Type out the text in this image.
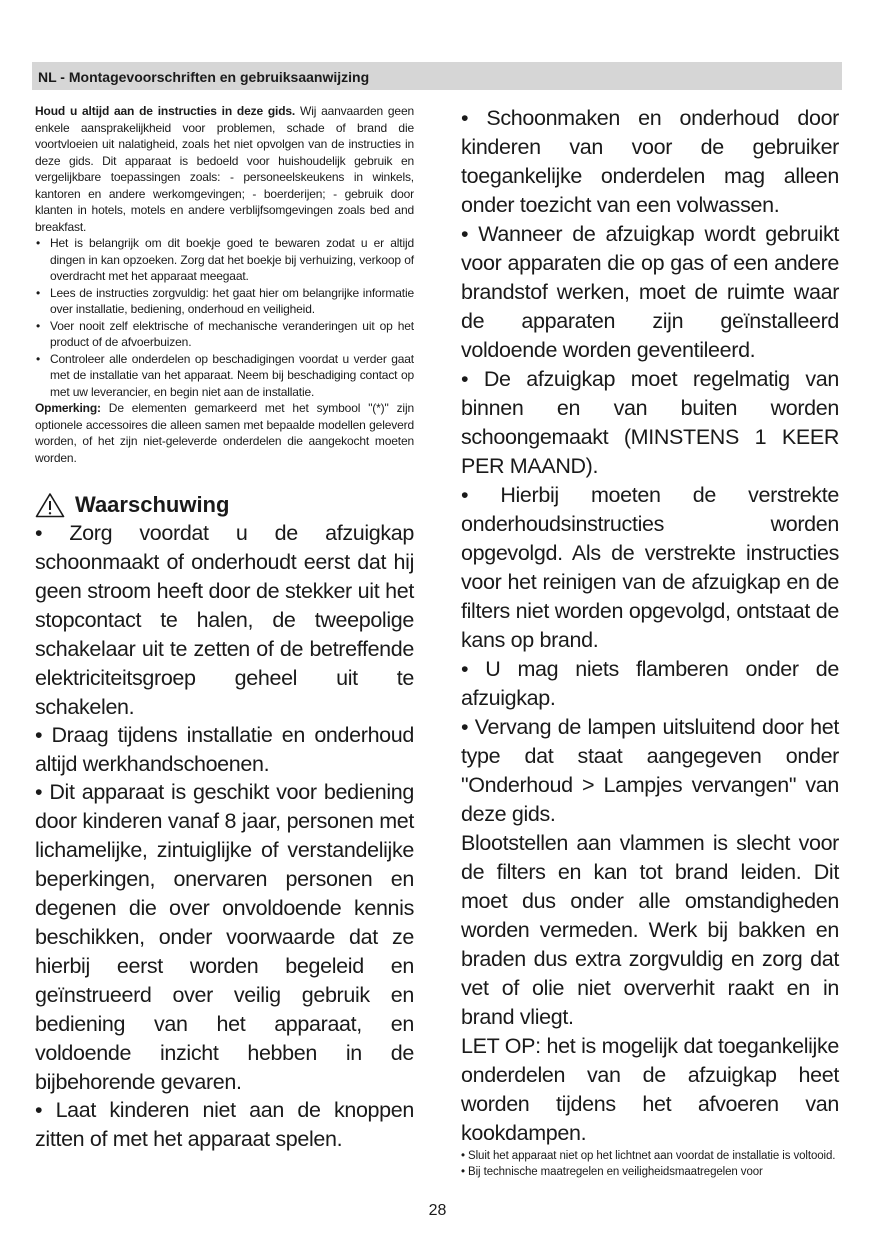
NL - Montagevoorschriften en gebruiksaanwijzing

Houd u altijd aan de instructies in deze gids. Wij aanvaarden geen enkele aansprakelijkheid voor problemen, schade of brand die voortvloeien uit nalatigheid, zoals het niet opvolgen van de instructies in deze gids. Dit apparaat is bedoeld voor huishoudelijk gebruik en vergelijkbare toepassingen zoals: - personeelskeukens in winkels, kantoren en andere werkomgevingen; - boerderijen; - gebruik door klanten in hotels, motels en andere verblijfsomgevingen zoals bed and breakfast.

• Het is belangrijk om dit boekje goed te bewaren zodat u er altijd dingen in kan opzoeken. Zorg dat het boekje bij verhuizing, verkoop of overdracht met het apparaat meegaat.
• Lees de instructies zorgvuldig: het gaat hier om belangrijke informatie over installatie, bediening, onderhoud en veiligheid.
• Voer nooit zelf elektrische of mechanische veranderingen uit op het product of de afvoerbuizen.
• Controleer alle onderdelen op beschadigingen voordat u verder gaat met de installatie van het apparaat. Neem bij beschadiging contact op met uw leverancier, en begin niet aan de installatie.

Opmerking: De elementen gemarkeerd met het symbool "(*)" zijn optionele accessoires die alleen samen met bepaalde modellen geleverd worden, of het zijn niet-geleverde onderdelen die aangekocht moeten worden.

Waarschuwing

• Zorg voordat u de afzuigkap schoonmaakt of onderhoudt eerst dat hij geen stroom heeft door de stekker uit het stopcontact te halen, de tweepolige schakelaar uit te zetten of de betreffende elektriciteitsgroep geheel uit te schakelen.

• Draag tijdens installatie en onderhoud altijd werkhandschoenen.

• Dit apparaat is geschikt voor bediening door kinderen vanaf 8 jaar, personen met lichamelijke, zintuiglijke of verstandelijke beperkingen, onervaren personen en degenen die over onvoldoende kennis beschikken, onder voorwaarde dat ze hierbij eerst worden begeleid en geïnstrueerd over veilig gebruik en bediening van het apparaat, en voldoende inzicht hebben in de bijbehorende gevaren.

• Laat kinderen niet aan de knoppen zitten of met het apparaat spelen.

• Schoonmaken en onderhoud door kinderen van voor de gebruiker toegankelijke onderdelen mag alleen onder toezicht van een volwassen.

• Wanneer de afzuigkap wordt gebruikt voor apparaten die op gas of een andere brandstof werken, moet de ruimte waar de apparaten zijn geïnstalleerd voldoende worden geventileerd.

• De afzuigkap moet regelmatig van binnen en van buiten worden schoongemaakt (MINSTENS 1 KEER PER MAAND).

• Hierbij moeten de verstrekte onderhoudsinstructies worden opgevolgd. Als de verstrekte instructies voor het reinigen van de afzuigkap en de filters niet worden opgevolgd, ontstaat de kans op brand.

• U mag niets flamberen onder de afzuigkap.

• Vervang de lampen uitsluitend door het type dat staat aangegeven onder "Onderhoud > Lampjes vervangen" van deze gids.

Blootstellen aan vlammen is slecht voor de filters en kan tot brand leiden. Dit moet dus onder alle omstandigheden worden vermeden. Werk bij bakken en braden dus extra zorgvuldig en zorg dat vet of olie niet oververhit raakt en in brand vliegt.

LET OP: het is mogelijk dat toegankelijke onderdelen van de afzuigkap heet worden tijdens het afvoeren van kookdampen.

• Sluit het apparaat niet op het lichtnet aan voordat de installatie is voltooid.

• Bij technische maatregelen en veiligheidsmaatregelen voor

28
